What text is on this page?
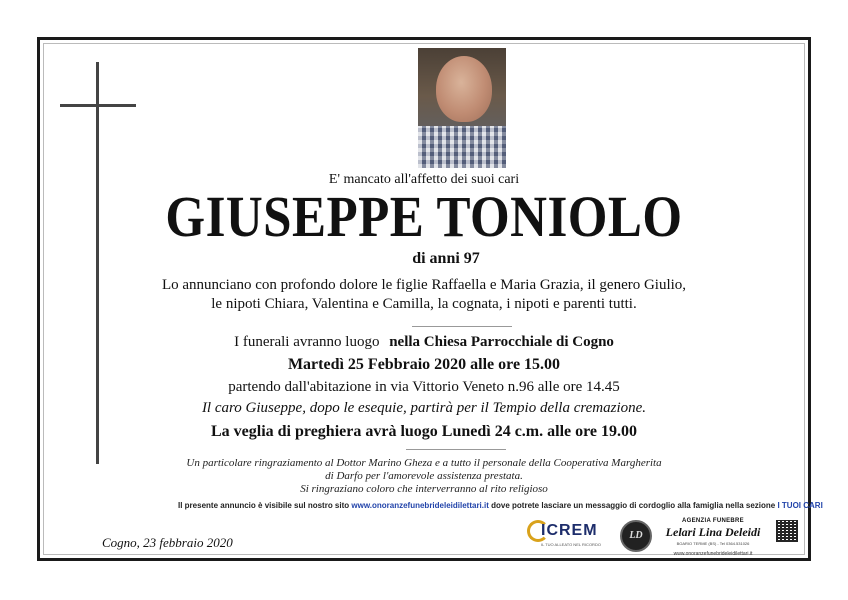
E' mancato all'affetto dei suoi cari
GIUSEPPE TONIOLO
di anni 97
Lo annunciano con profondo dolore le figlie Raffaella e Maria Grazia, il genero Giulio,
le nipoti Chiara, Valentina e Camilla, la cognata, i nipoti e parenti tutti.
I funerali avranno luogo nella Chiesa Parrocchiale di Cogno
Martedì 25 Febbraio 2020 alle ore 15.00
partendo dall'abitazione in via Vittorio Veneto n.96 alle ore 14.45
Il caro Giuseppe, dopo le esequie, partirà per il Tempio della cremazione.
La veglia di preghiera avrà luogo Lunedì 24 c.m. alle ore 19.00
Un particolare ringraziamento al Dottor Marino Gheza e a tutto il personale della Cooperativa Margherita
di Darfo per l'amorevole assistenza prestata.
Si ringraziano coloro che interverranno al rito religioso
Il presente annuncio è visibile sul nostro sito www.onoranzefunebrideleidilettari.it dove potrete lasciare un messaggio di cordoglio alla famiglia nella sezione I TUOI CARI
Cogno, 23 febbraio 2020
ICREM
IL TUO ALLEATO NEL RICORDO
LD
AGENZIA FUNEBRE
Lelari Lina Deleidi
BOARIO TERME (BS) - Tel 0364.531026
www.onoranzefunebrideleidilettari.it
